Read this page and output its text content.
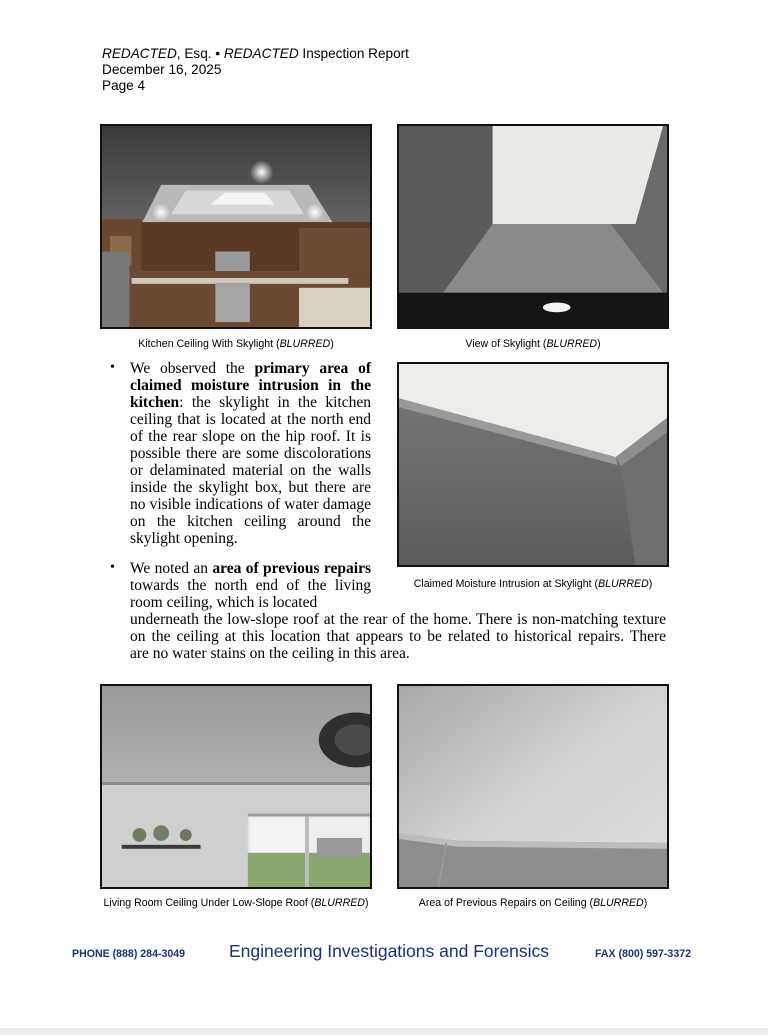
REDACTED, Esq. • REDACTED Inspection Report
December 16, 2025
Page 4
Kitchen Ceiling With Skylight (BLURRED)	View of Skylight (BLURRED)
Claimed Moisture Intrusion at Skylight (BLURRED)
• We observed the primary area of claimed moisture intrusion in the kitchen: the skylight in the kitchen ceiling that is located at the north end of the rear slope on the hip roof. It is possible there are some discolorations or delaminated material on the walls inside the skylight box, but there are no visible indications of water damage on the kitchen ceiling around the skylight opening.
• We noted an area of previous repairs towards the north end of the living room ceiling, which is located
underneath the low-slope roof at the rear of the home. There is non-matching texture
on the ceiling at this location that appears to be related to historical repairs. There
are no water stains on the ceiling in this area.
Living Room Ceiling Under Low-Slope Roof (BLURRED)	Area of Previous Repairs on Ceiling (BLURRED)
PHONE (888) 284-3049	Engineering Investigations and Forensics	FAX (800) 597-3372
